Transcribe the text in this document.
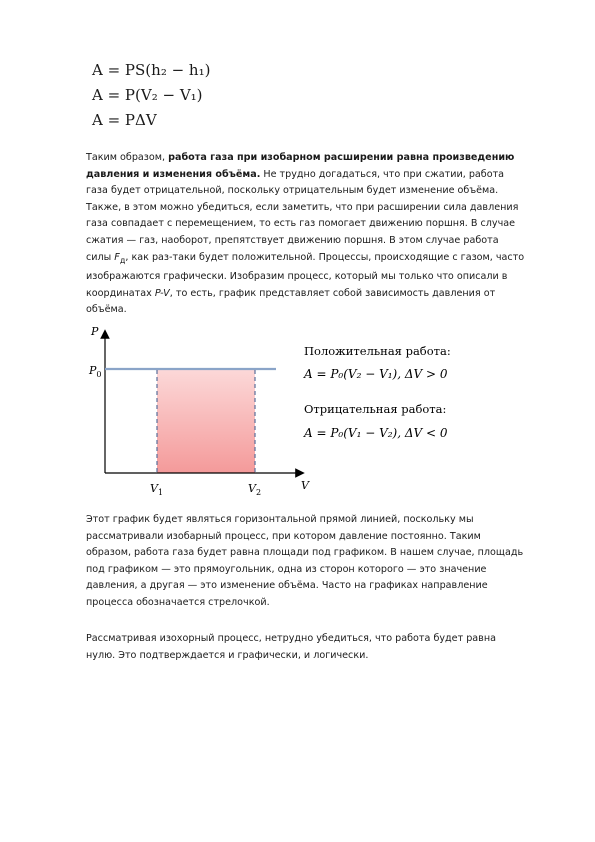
A = PS(h₂ − h₁)
A = P(V₂ − V₁)
A = PΔV
Таким образом, работа газа при изобарном расширении равна произведению давления и изменения объёма. Не трудно догадаться, что при сжатии, работа газа будет отрицательной, поскольку отрицательным будет изменение объёма. Также, в этом можно убедиться, если заметить, что при расширении сила давления газа совпадает с перемещением, то есть газ помогает движению поршня. В случае сжатия — газ, наоборот, препятствует движению поршня. В этом случае работа силы $F_д$, как раз-таки будет положительной. Процессы, происходящие с газом, часто изображаются графически. Изобразим процесс, который мы только что описали в координатах P-V, то есть, график представляет собой зависимость давления от объёма.
P
$P_0$
V
$V_1$	$V_2$
Положительная работа:
A = P₀(V₂ − V₁), ΔV > 0
Отрицательная работа:
A = P₀(V₁ − V₂), ΔV < 0
Этот график будет являться горизонтальной прямой линией, поскольку мы рассматривали изобарный процесс, при котором давление постоянно. Таким образом, работа газа будет равна площади под графиком. В нашем случае, площадь под графиком — это прямоугольник, одна из сторон которого — это значение давления, а другая — это изменение объёма. Часто на графиках направление процесса обозначается стрелочкой.
Рассматривая изохорный процесс, нетрудно убедиться, что работа будет равна нулю. Это подтверждается и графически, и логически.
